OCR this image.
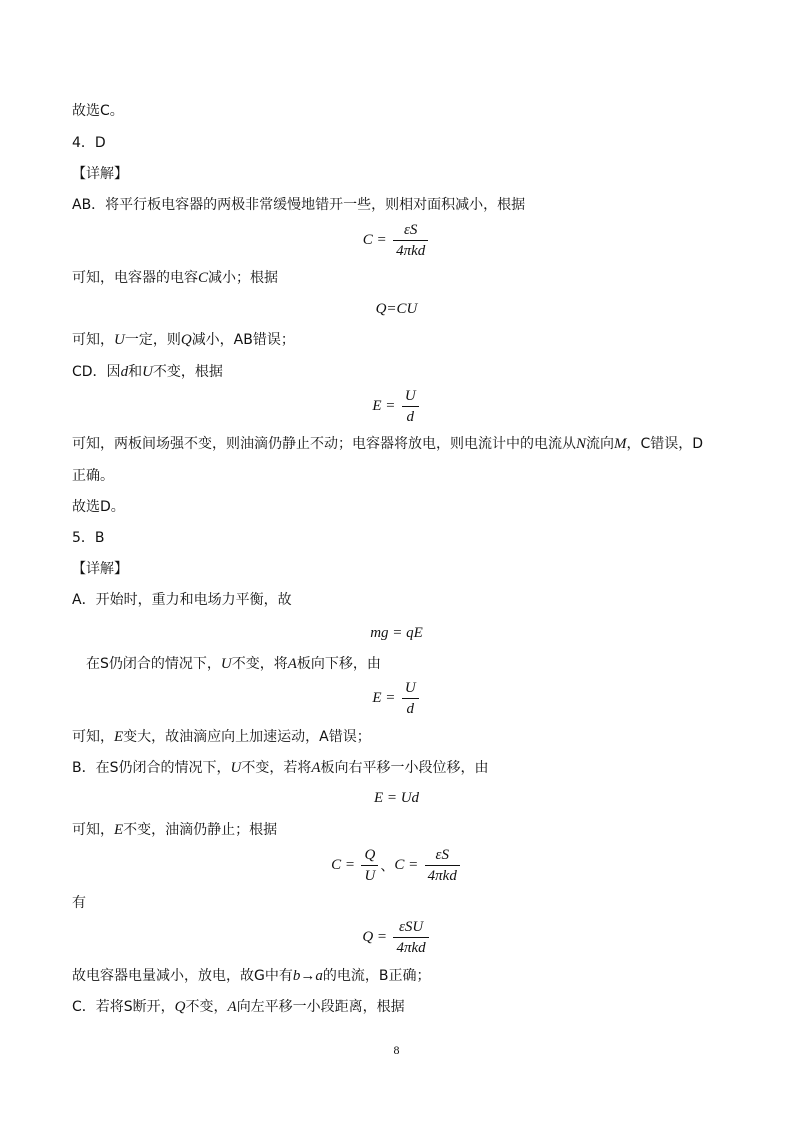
故选C。
4．D
【详解】
AB．将平行板电容器的两极非常缓慢地错开一些，则相对面积减小，根据
$C = \frac{\varepsilon S}{\text{4πkd}}$
可知，电容器的电容C减小；根据
Q=CU
可知，U一定，则Q减小，AB错误；
CD．因d和U不变，根据
$E = \frac{U}{d}$
可知，两板间场强不变，则油滴仍静止不动；电容器将放电，则电流计中的电流从N流向M，C错误，D
正确。
故选D。
5．B
【详解】
A．开始时，重力和电场力平衡，故
mg = qE
在S仍闭合的情况下，U不变，将A板向下移，由
$E = \frac{U}{d}$
可知，E变大，故油滴应向上加速运动，A错误；
B．在S仍闭合的情况下，U不变，若将A板向右平移一小段位移，由
E = Ud
可知，E不变，油滴仍静止；根据
$C = \frac{Q}{U}$ 、$C = \frac{\varepsilon S}{\text{4πkd}}$
有
$Q = \frac{\text{εSU}}{\text{4πkd}}$
故电容器电量减小，放电，故G中有b→a的电流，B正确；
C．若将S断开，Q不变，A向左平移一小段距离，根据
8
